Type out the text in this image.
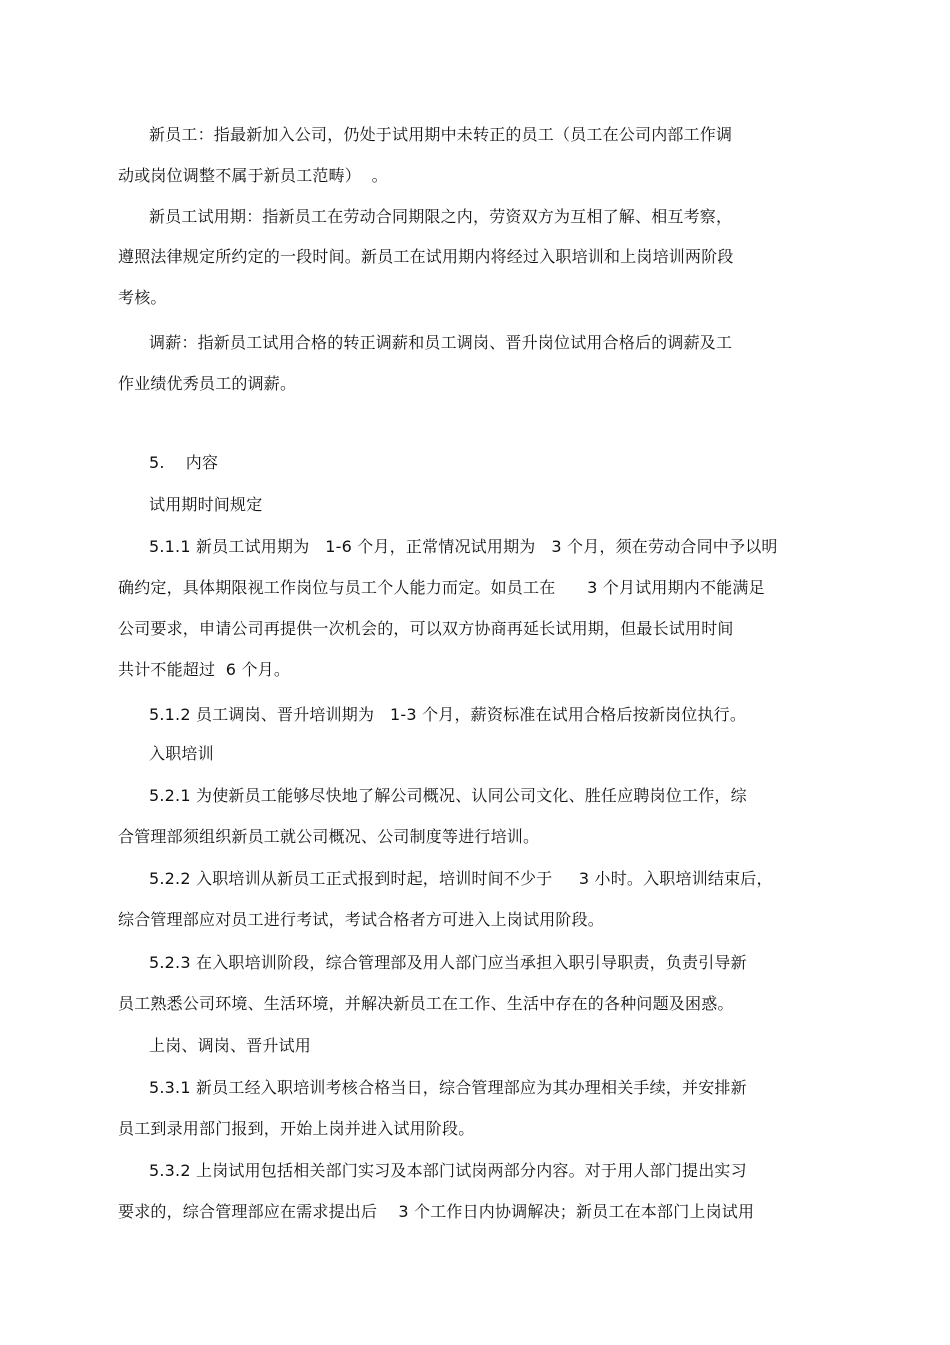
新员工：指最新加入公司，仍处于试用期中未转正的员工（员工在公司内部工作调
动或岗位调整不属于新员工范畴）  。
新员工试用期：指新员工在劳动合同期限之内，劳资双方为互相了解、相互考察，
遵照法律规定所约定的一段时间。新员工在试用期内将经过入职培训和上岗培训两阶段
考核。
调薪：指新员工试用合格的转正调薪和员工调岗、晋升岗位试用合格后的调薪及工
作业绩优秀员工的调薪。
5.    内容
试用期时间规定
5.1.1 新员工试用期为   1-6 个月，正常情况试用期为   3 个月，须在劳动合同中予以明
确约定，具体期限视工作岗位与员工个人能力而定。如员工在      3 个月试用期内不能满足
公司要求，申请公司再提供一次机会的，可以双方协商再延长试用期，但最长试用时间
共计不能超过  6 个月。
5.1.2 员工调岗、晋升培训期为   1-3 个月，薪资标准在试用合格后按新岗位执行。
入职培训
5.2.1 为使新员工能够尽快地了解公司概况、认同公司文化、胜任应聘岗位工作，综
合管理部须组织新员工就公司概况、公司制度等进行培训。
5.2.2 入职培训从新员工正式报到时起，培训时间不少于     3 小时。入职培训结束后，
综合管理部应对员工进行考试，考试合格者方可进入上岗试用阶段。
5.2.3 在入职培训阶段，综合管理部及用人部门应当承担入职引导职责，负责引导新
员工熟悉公司环境、生活环境，并解决新员工在工作、生活中存在的各种问题及困惑。
上岗、调岗、晋升试用
5.3.1 新员工经入职培训考核合格当日，综合管理部应为其办理相关手续，并安排新
员工到录用部门报到，开始上岗并进入试用阶段。
5.3.2 上岗试用包括相关部门实习及本部门试岗两部分内容。对于用人部门提出实习
要求的，综合管理部应在需求提出后    3 个工作日内协调解决；新员工在本部门上岗试用
